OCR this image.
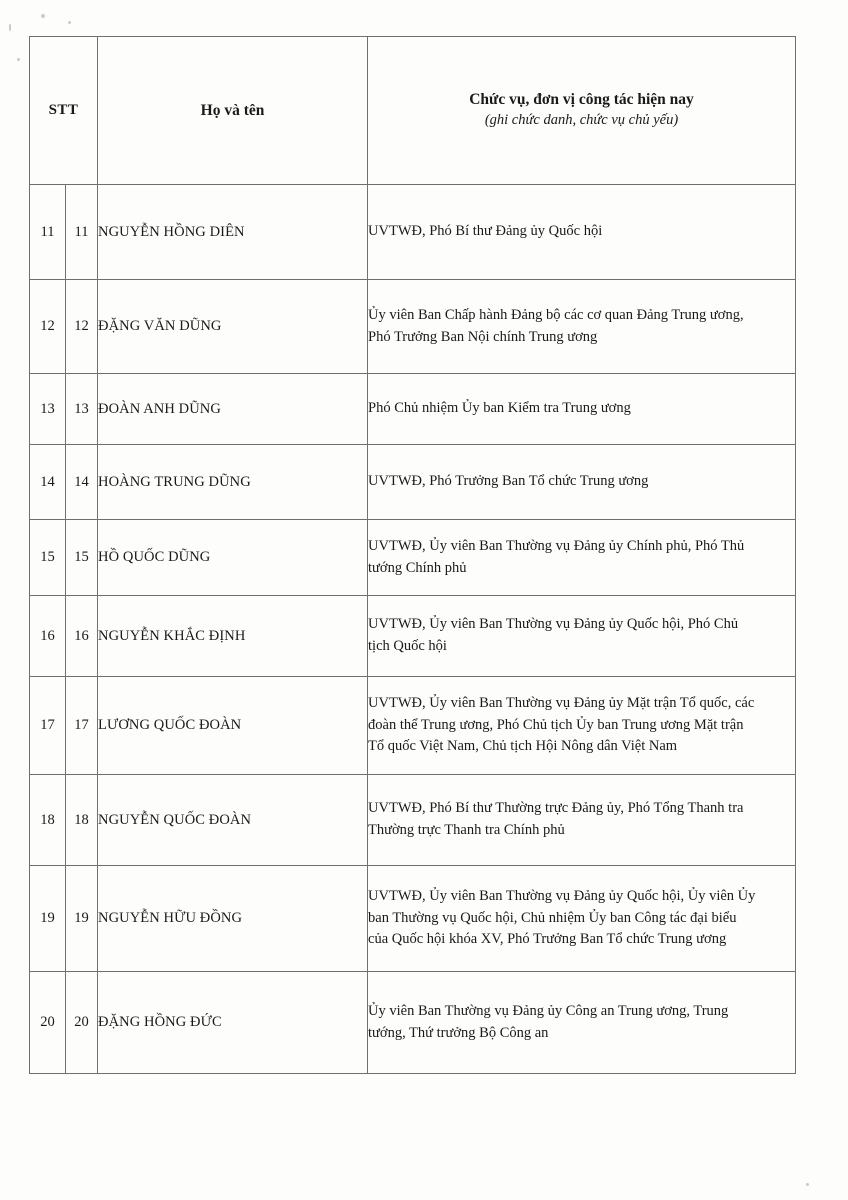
STT		Họ và tên	Chức vụ, đơn vị công tác hiện nay
(ghi chức danh, chức vụ chủ yếu)

11	11	NGUYỄN HỒNG DIÊN	UVTWĐ, Phó Bí thư Đảng ủy Quốc hội

12	12	ĐẶNG VĂN DŨNG	Ủy viên Ban Chấp hành Đảng bộ các cơ quan Đảng Trung ương,
Phó Trưởng Ban Nội chính Trung ương

13	13	ĐOÀN ANH DŨNG	Phó Chủ nhiệm Ủy ban Kiểm tra Trung ương

14	14	HOÀNG TRUNG DŨNG	UVTWĐ, Phó Trưởng Ban Tổ chức Trung ương

15	15	HỒ QUỐC DŨNG	UVTWĐ, Ủy viên Ban Thường vụ Đảng ủy Chính phủ, Phó Thủ
tướng Chính phủ

16	16	NGUYỄN KHẮC ĐỊNH	UVTWĐ, Ủy viên Ban Thường vụ Đảng ủy Quốc hội, Phó Chủ
tịch Quốc hội

17	17	LƯƠNG QUỐC ĐOÀN	UVTWĐ, Ủy viên Ban Thường vụ Đảng ủy Mặt trận Tổ quốc, các
đoàn thể Trung ương, Phó Chủ tịch Ủy ban Trung ương Mặt trận
Tổ quốc Việt Nam, Chủ tịch Hội Nông dân Việt Nam

18	18	NGUYỄN QUỐC ĐOÀN	UVTWĐ, Phó Bí thư Thường trực Đảng ủy, Phó Tổng Thanh tra
Thường trực Thanh tra Chính phủ

19	19	NGUYỄN HỮU ĐỒNG	UVTWĐ, Ủy viên Ban Thường vụ Đảng ủy Quốc hội, Ủy viên Ủy
ban Thường vụ Quốc hội, Chủ nhiệm Ủy ban Công tác đại biểu
của Quốc hội khóa XV, Phó Trưởng Ban Tổ chức Trung ương

20	20	ĐẶNG HỒNG ĐỨC	Ủy viên Ban Thường vụ Đảng ủy Công an Trung ương, Trung
tướng, Thứ trưởng Bộ Công an
